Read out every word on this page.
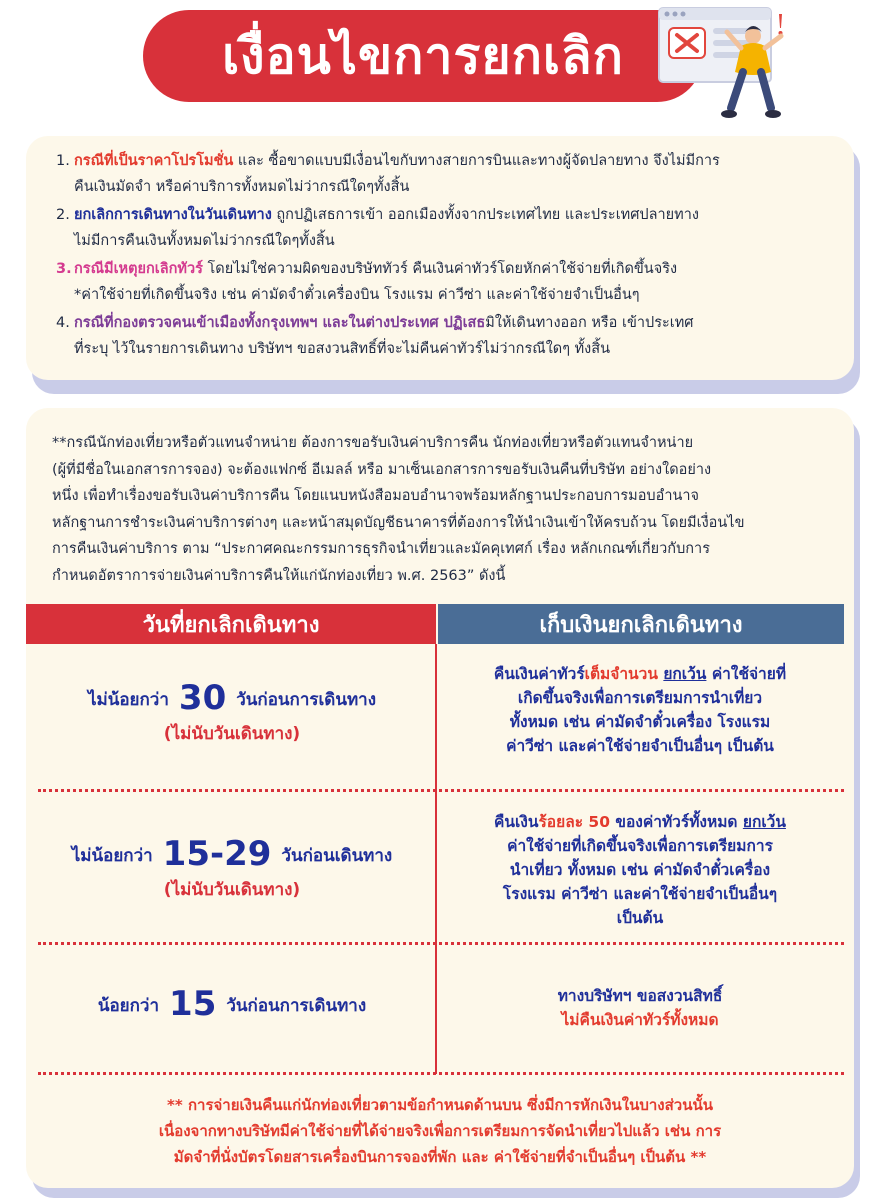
เงื่อนไขการยกเลิก
1. กรณีที่เป็นราคาโปรโมชั่น และ ซื้อขาดแบบมีเงื่อนไขกับทางสายการบินและทางผู้จัดปลายทาง จึงไม่มีการ
คืนเงินมัดจำ หรือค่าบริการทั้งหมดไม่ว่ากรณีใดๆทั้งสิ้น
2. ยกเลิกการเดินทางในวันเดินทาง ถูกปฏิเสธการเข้า ออกเมืองทั้งจากประเทศไทย และประเทศปลายทาง
ไม่มีการคืนเงินทั้งหมดไม่ว่ากรณีใดๆทั้งสิ้น
3. กรณีมีเหตุยกเลิกทัวร์ โดยไม่ใช่ความผิดของบริษัททัวร์ คืนเงินค่าทัวร์โดยหักค่าใช้จ่ายที่เกิดขึ้นจริง
*ค่าใช้จ่ายที่เกิดขึ้นจริง เช่น ค่ามัดจำตั๋วเครื่องบิน โรงแรม ค่าวีซ่า และค่าใช้จ่ายจำเป็นอื่นๆ
4. กรณีที่กองตรวจคนเข้าเมืองทั้งกรุงเทพฯ และในต่างประเทศ ปฏิเสธมิให้เดินทางออก หรือ เข้าประเทศ
ที่ระบุ ไว้ในรายการเดินทาง บริษัทฯ ขอสงวนสิทธิ์ที่จะไม่คืนค่าทัวร์ไม่ว่ากรณีใดๆ ทั้งสิ้น

**กรณีนักท่องเที่ยวหรือตัวแทนจำหน่าย ต้องการขอรับเงินค่าบริการคืน นักท่องเที่ยวหรือตัวแทนจำหน่าย

(ผู้ที่มีชื่อในเอกสารการจอง) จะต้องแฟกซ์ อีเมลล์ หรือ มาเซ็นเอกสารการขอรับเงินคืนที่บริษัท อย่างใดอย่าง

หนึ่ง เพื่อทำเรื่องขอรับเงินค่าบริการคืน โดยแนบหนังสือมอบอำนาจพร้อมหลักฐานประกอบการมอบอำนาจ

หลักฐานการชำระเงินค่าบริการต่างๆ และหน้าสมุดบัญชีธนาคารที่ต้องการให้นำเงินเข้าให้ครบถ้วน โดยมีเงื่อนไข

การคืนเงินค่าบริการ ตาม “ประกาศคณะกรรมการธุรกิจนำเที่ยวและมัคคุเทศก์ เรื่อง หลักเกณฑ์เกี่ยวกับการ

กำหนดอัตราการจ่ายเงินค่าบริการคืนให้แก่นักท่องเที่ยว พ.ศ. 2563” ดังนี้

วันที่ยกเลิกเดินทาง	เก็บเงินยกเลิกเดินทาง
ไม่น้อยกว่า 30 วันก่อนการเดินทาง
(ไม่นับวันเดินทาง)
คืนเงินค่าทัวร์เต็มจำนวน ยกเว้น ค่าใช้จ่ายที่
เกิดขึ้นจริงเพื่อการเตรียมการนำเที่ยว
ทั้งหมด เช่น ค่ามัดจำตั๋วเครื่อง โรงแรม
ค่าวีซ่า และค่าใช้จ่ายจำเป็นอื่นๆ เป็นต้น
ไม่น้อยกว่า 15-29 วันก่อนเดินทาง
(ไม่นับวันเดินทาง)
คืนเงินร้อยละ 50 ของค่าทัวร์ทั้งหมด ยกเว้น
ค่าใช้จ่ายที่เกิดขึ้นจริงเพื่อการเตรียมการ
นำเที่ยว ทั้งหมด เช่น ค่ามัดจำตั๋วเครื่อง
โรงแรม ค่าวีซ่า และค่าใช้จ่ายจำเป็นอื่นๆ
เป็นต้น
น้อยกว่า 15 วันก่อนการเดินทาง	ทางบริษัทฯ ขอสงวนสิทธิ์
ไม่คืนเงินค่าทัวร์ทั้งหมด
** การจ่ายเงินคืนแก่นักท่องเที่ยวตามข้อกำหนดด้านบน ซึ่งมีการหักเงินในบางส่วนนั้น
เนื่องจากทางบริษัทมีค่าใช้จ่ายที่ได้จ่ายจริงเพื่อการเตรียมการจัดนำเที่ยวไปแล้ว เช่น การ
มัดจำที่นั่งบัตรโดยสารเครื่องบินการจองที่พัก และ ค่าใช้จ่ายที่จำเป็นอื่นๆ เป็นต้น **
